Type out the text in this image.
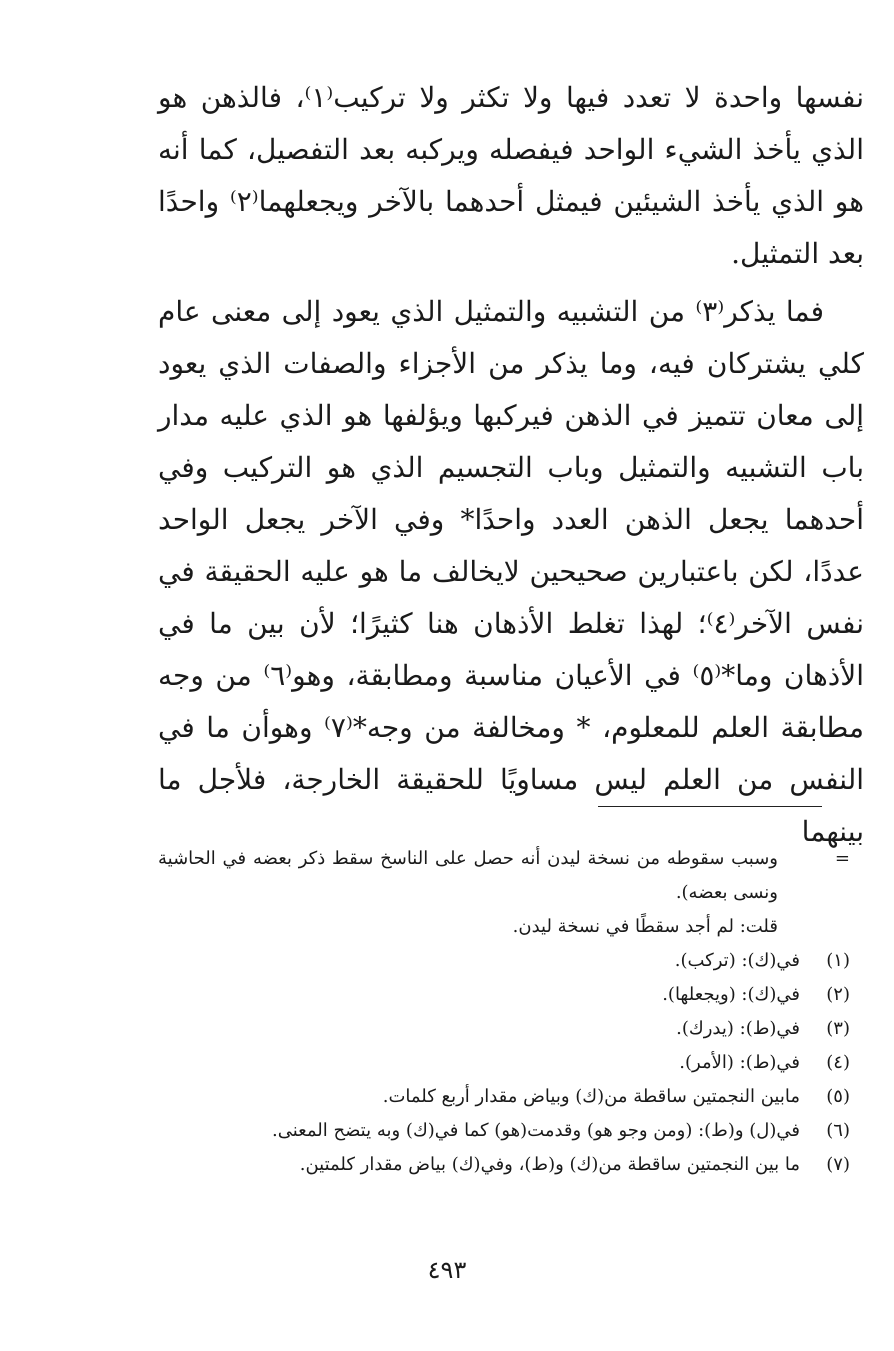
نفسها واحدة لا تعدد فيها ولا تكثر ولا تركيب⁽١⁾، فالذهن هو الذي يأخذ الشيء الواحد فيفصله ويركبه بعد التفصيل، كما أنه هو الذي يأخذ الشيئين فيمثل أحدهما بالآخر ويجعلهما⁽٢⁾ واحدًا بعد التمثيل.

فما يذكر⁽٣⁾ من التشبيه والتمثيل الذي يعود إلى معنى عام كلي يشتركان فيه، وما يذكر من الأجزاء والصفات الذي يعود إلى معان تتميز في الذهن فيركبها ويؤلفها هو الذي عليه مدار باب التشبيه والتمثيل وباب التجسيم الذي هو التركيب وفي أحدهما يجعل الذهن العدد واحدًا* وفي الآخر يجعل الواحد عددًا، لكن باعتبارين صحيحين لايخالف ما هو عليه الحقيقة في نفس الآخر⁽٤⁾؛ لهذا تغلط الأذهان هنا كثيرًا؛ لأن بين ما في الأذهان وما*⁽٥⁾ في الأعيان مناسبة ومطابقة، وهو⁽٦⁾ من وجه مطابقة العلم للمعلوم، * ومخالفة من وجه*⁽٧⁾ وهوأن ما في النفس من العلم ليس مساويًا للحقيقة الخارجة، فلأجل ما بينهما

=
وسبب سقوطه من نسخة ليدن أنه حصل على الناسخ سقط ذكر بعضه في الحاشية ونسى بعضه).
قلت: لم أجد سقطًا في نسخة ليدن.
(١)
في(ك): (تركب).
(٢)
في(ك): (ويجعلها).
(٣)
في(ط): (يدرك).
(٤)
في(ط): (الأمر).
(٥)
مابين النجمتين ساقطة من(ك) وبياض مقدار أربع كلمات.
(٦)
في(ل) و(ط): (ومن وجو هو) وقدمت(هو) كما في(ك) وبه يتضح المعنى.
(٧)
ما بين النجمتين ساقطة من(ك) و(ط)، وفي(ك) بياض مقدار كلمتين.
٤٩٣
